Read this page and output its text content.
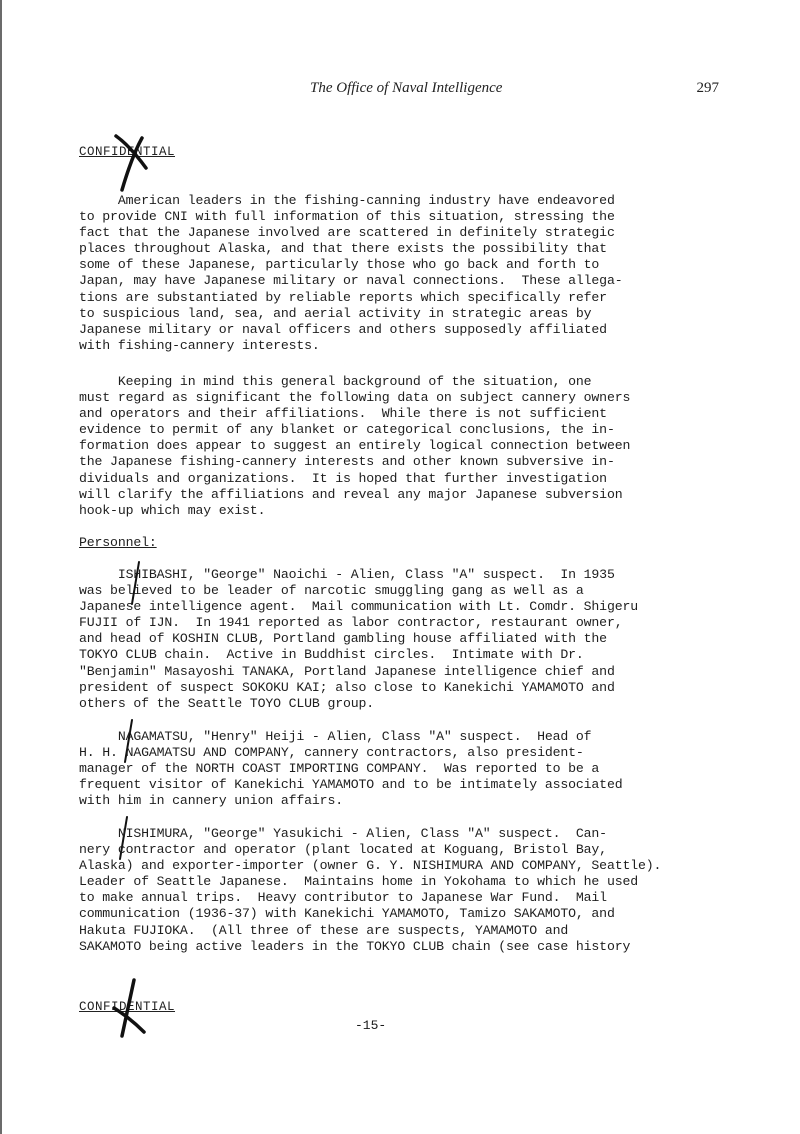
The Office of Naval Intelligence	297
CONFIDENTIAL
American leaders in the fishing-canning industry have endeavored
to provide CNI with full information of this situation, stressing the
fact that the Japanese involved are scattered in definitely strategic
places throughout Alaska, and that there exists the possibility that
some of these Japanese, particularly those who go back and forth to
Japan, may have Japanese military or naval connections.  These allega-
tions are substantiated by reliable reports which specifically refer
to suspicious land, sea, and aerial activity in strategic areas by
Japanese military or naval officers and others supposedly affiliated
with fishing-cannery interests.
Keeping in mind this general background of the situation, one
must regard as significant the following data on subject cannery owners
and operators and their affiliations.  While there is not sufficient
evidence to permit of any blanket or categorical conclusions, the in-
formation does appear to suggest an entirely logical connection between
the Japanese fishing-cannery interests and other known subversive in-
dividuals and organizations.  It is hoped that further investigation
will clarify the affiliations and reveal any major Japanese subversion
hook-up which may exist.
Personnel:
ISHIBASHI, "George" Naoichi - Alien, Class "A" suspect.  In 1935
was believed to be leader of narcotic smuggling gang as well as a
Japanese intelligence agent.  Mail communication with Lt. Comdr. Shigeru
FUJII of IJN.  In 1941 reported as labor contractor, restaurant owner,
and head of KOSHIN CLUB, Portland gambling house affiliated with the
TOKYO CLUB chain.  Active in Buddhist circles.  Intimate with Dr.
"Benjamin" Masayoshi TANAKA, Portland Japanese intelligence chief and
president of suspect SOKOKU KAI; also close to Kanekichi YAMAMOTO and
others of the Seattle TOYO CLUB group.
NAGAMATSU, "Henry" Heiji - Alien, Class "A" suspect.  Head of
H. H. NAGAMATSU AND COMPANY, cannery contractors, also president-
manager of the NORTH COAST IMPORTING COMPANY.  Was reported to be a
frequent visitor of Kanekichi YAMAMOTO and to be intimately associated
with him in cannery union affairs.
NISHIMURA, "George" Yasukichi - Alien, Class "A" suspect.  Can-
nery contractor and operator (plant located at Koguang, Bristol Bay,
Alaska) and exporter-importer (owner G. Y. NISHIMURA AND COMPANY, Seattle).
Leader of Seattle Japanese.  Maintains home in Yokohama to which he used
to make annual trips.  Heavy contributor to Japanese War Fund.  Mail
communication (1936-37) with Kanekichi YAMAMOTO, Tamizo SAKAMOTO, and
Hakuta FUJIOKA.  (All three of these are suspects, YAMAMOTO and
SAKAMOTO being active leaders in the TOKYO CLUB chain (see case history
CONFIDENTIAL
-15-
